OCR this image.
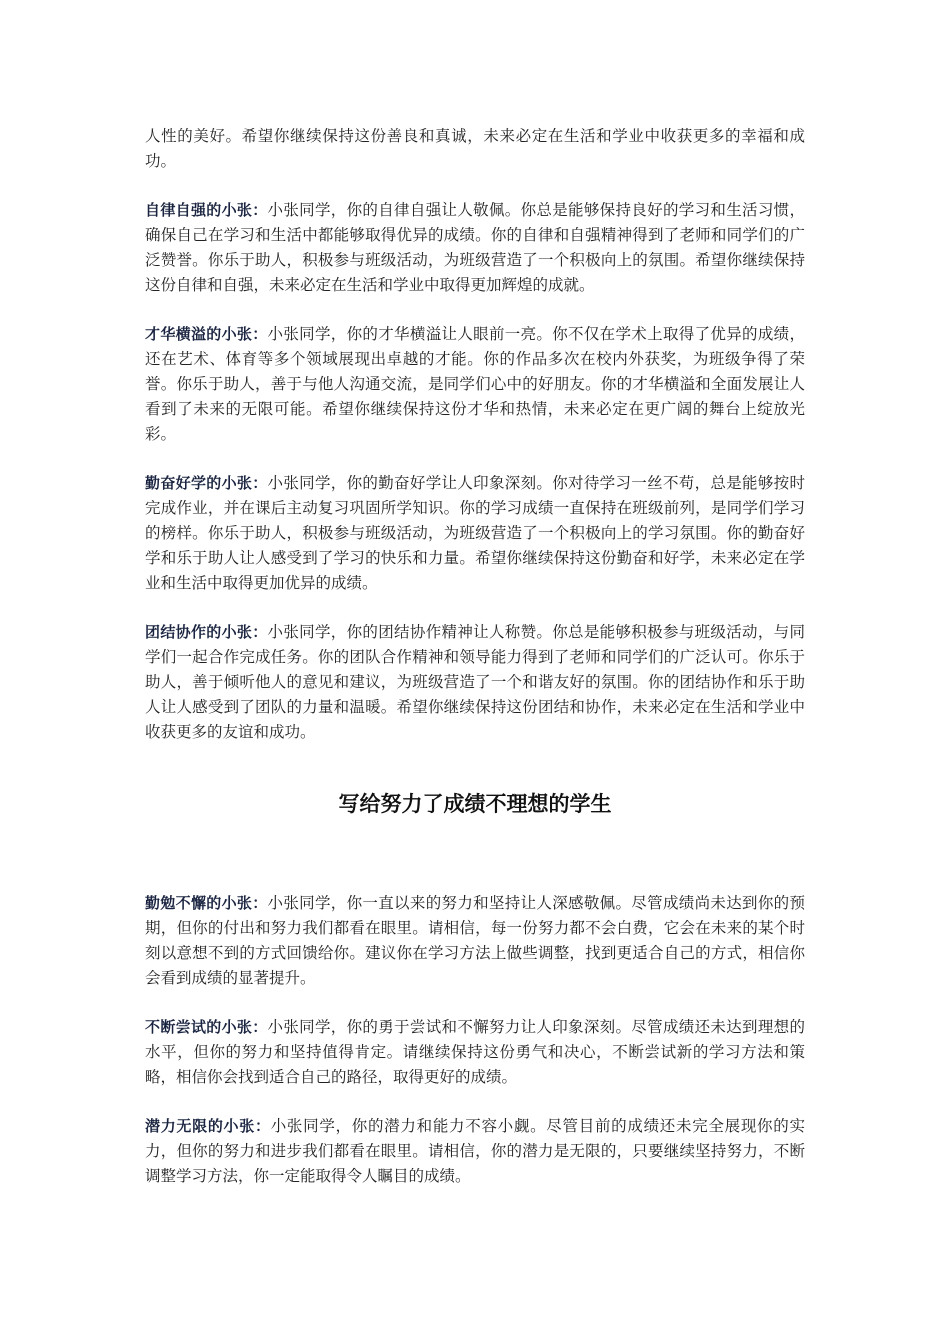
人性的美好。希望你继续保持这份善良和真诚，未来必定在生活和学业中收获更多的幸福和成功。

自律自强的小张：小张同学，你的自律自强让人敬佩。你总是能够保持良好的学习和生活习惯，确保自己在学习和生活中都能够取得优异的成绩。你的自律和自强精神得到了老师和同学们的广泛赞誉。你乐于助人，积极参与班级活动，为班级营造了一个积极向上的氛围。希望你继续保持这份自律和自强，未来必定在生活和学业中取得更加辉煌的成就。

才华横溢的小张：小张同学，你的才华横溢让人眼前一亮。你不仅在学术上取得了优异的成绩，还在艺术、体育等多个领域展现出卓越的才能。你的作品多次在校内外获奖，为班级争得了荣誉。你乐于助人，善于与他人沟通交流，是同学们心中的好朋友。你的才华横溢和全面发展让人看到了未来的无限可能。希望你继续保持这份才华和热情，未来必定在更广阔的舞台上绽放光彩。

勤奋好学的小张：小张同学，你的勤奋好学让人印象深刻。你对待学习一丝不苟，总是能够按时完成作业，并在课后主动复习巩固所学知识。你的学习成绩一直保持在班级前列，是同学们学习的榜样。你乐于助人，积极参与班级活动，为班级营造了一个积极向上的学习氛围。你的勤奋好学和乐于助人让人感受到了学习的快乐和力量。希望你继续保持这份勤奋和好学，未来必定在学业和生活中取得更加优异的成绩。

团结协作的小张：小张同学，你的团结协作精神让人称赞。你总是能够积极参与班级活动，与同学们一起合作完成任务。你的团队合作精神和领导能力得到了老师和同学们的广泛认可。你乐于助人，善于倾听他人的意见和建议，为班级营造了一个和谐友好的氛围。你的团结协作和乐于助人让人感受到了团队的力量和温暖。希望你继续保持这份团结和协作，未来必定在生活和学业中收获更多的友谊和成功。

写给努力了成绩不理想的学生

勤勉不懈的小张：小张同学，你一直以来的努力和坚持让人深感敬佩。尽管成绩尚未达到你的预期，但你的付出和努力我们都看在眼里。请相信，每一份努力都不会白费，它会在未来的某个时刻以意想不到的方式回馈给你。建议你在学习方法上做些调整，找到更适合自己的方式，相信你会看到成绩的显著提升。

不断尝试的小张：小张同学，你的勇于尝试和不懈努力让人印象深刻。尽管成绩还未达到理想的水平，但你的努力和坚持值得肯定。请继续保持这份勇气和决心，不断尝试新的学习方法和策略，相信你会找到适合自己的路径，取得更好的成绩。

潜力无限的小张：小张同学，你的潜力和能力不容小觑。尽管目前的成绩还未完全展现你的实力，但你的努力和进步我们都看在眼里。请相信，你的潜力是无限的，只要继续坚持努力，不断调整学习方法，你一定能取得令人瞩目的成绩。
